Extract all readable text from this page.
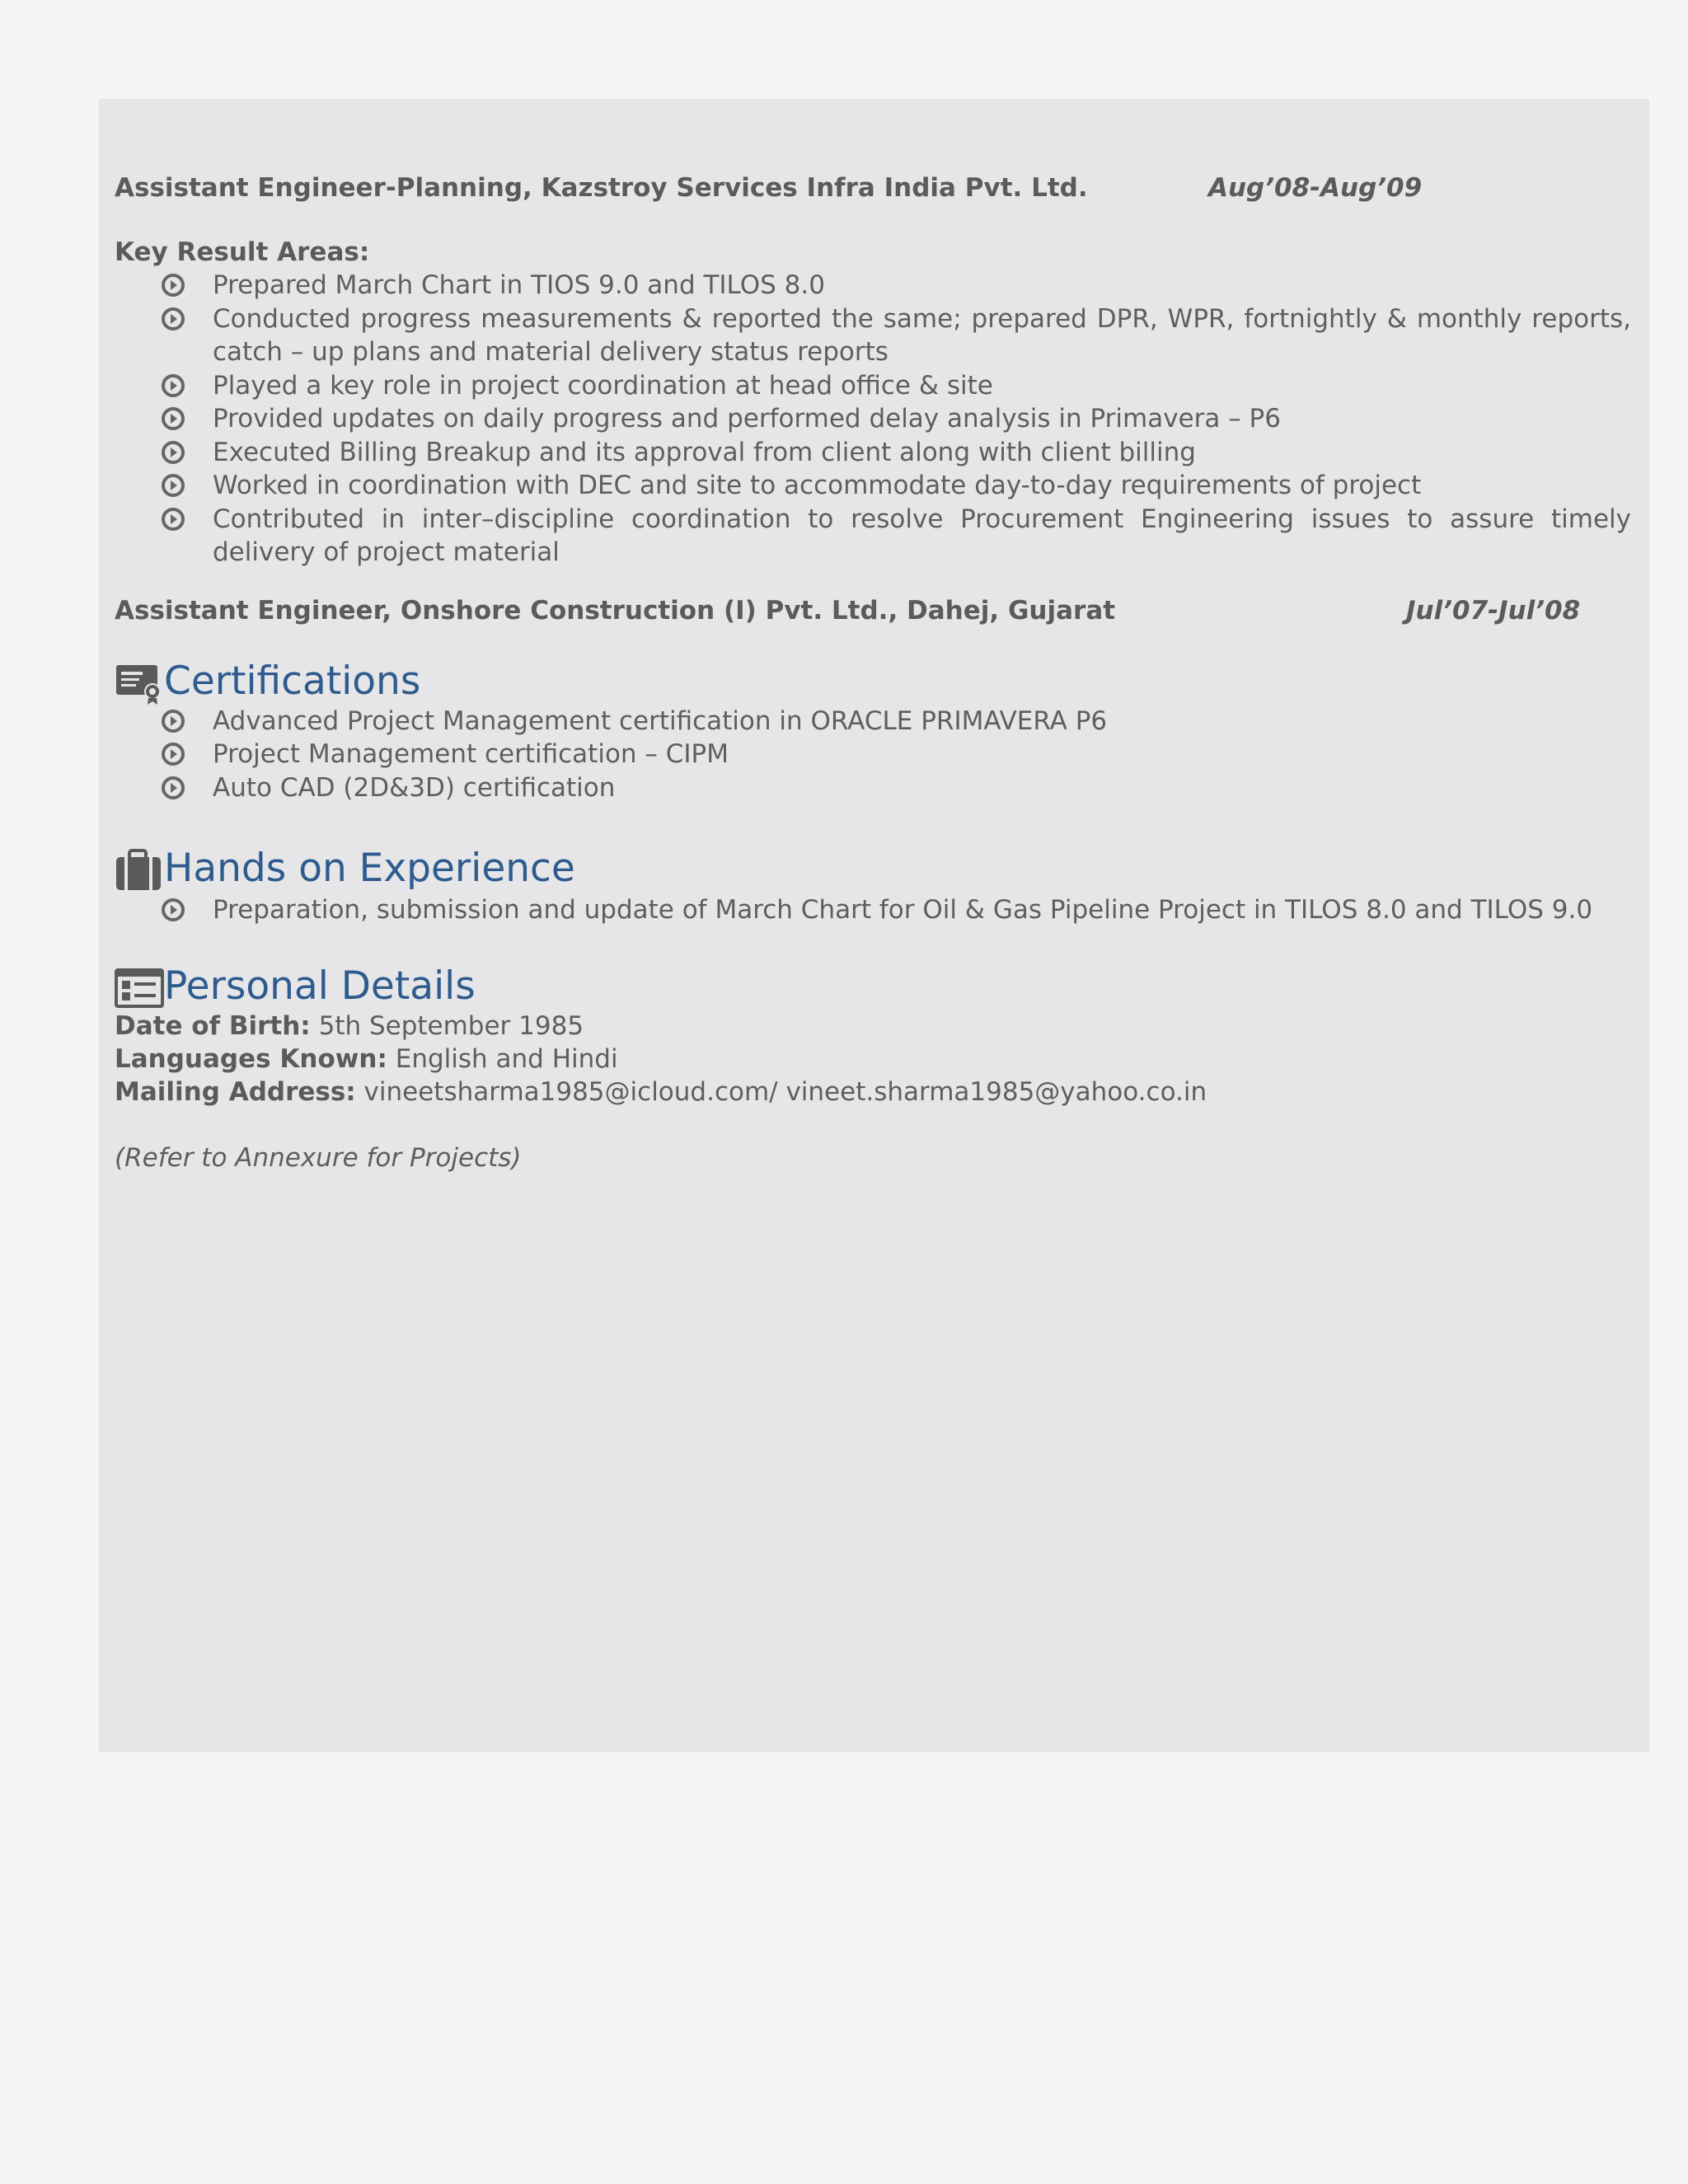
Assistant Engineer-Planning, Kazstroy Services Infra India Pvt. Ltd.	Aug’08-Aug’09
Key Result Areas:
Prepared March Chart in TIOS 9.0 and TILOS 8.0
Conducted progress measurements & reported the same; prepared DPR, WPR, fortnightly & monthly reports, catch – up plans and material delivery status reports
Played a key role in project coordination at head office & site
Provided updates on daily progress and performed delay analysis in Primavera – P6
Executed Billing Breakup and its approval from client along with client billing
Worked in coordination with DEC and site to accommodate day-to-day requirements of project
Contributed in inter–discipline coordination to resolve Procurement Engineering issues to assure timely delivery of project material
Assistant Engineer, Onshore Construction (I) Pvt. Ltd., Dahej, Gujarat	Jul’07-Jul’08
Certifications
Advanced Project Management certification in ORACLE PRIMAVERA P6
Project Management certification – CIPM
Auto CAD (2D&3D) certification
Hands on Experience
Preparation, submission and update of March Chart for Oil & Gas Pipeline Project in TILOS 8.0 and TILOS 9.0
Personal Details
Date of Birth: 5th September 1985
Languages Known: English and Hindi
Mailing Address: vineetsharma1985@icloud.com/ vineet.sharma1985@yahoo.co.in
(Refer to Annexure for Projects)
